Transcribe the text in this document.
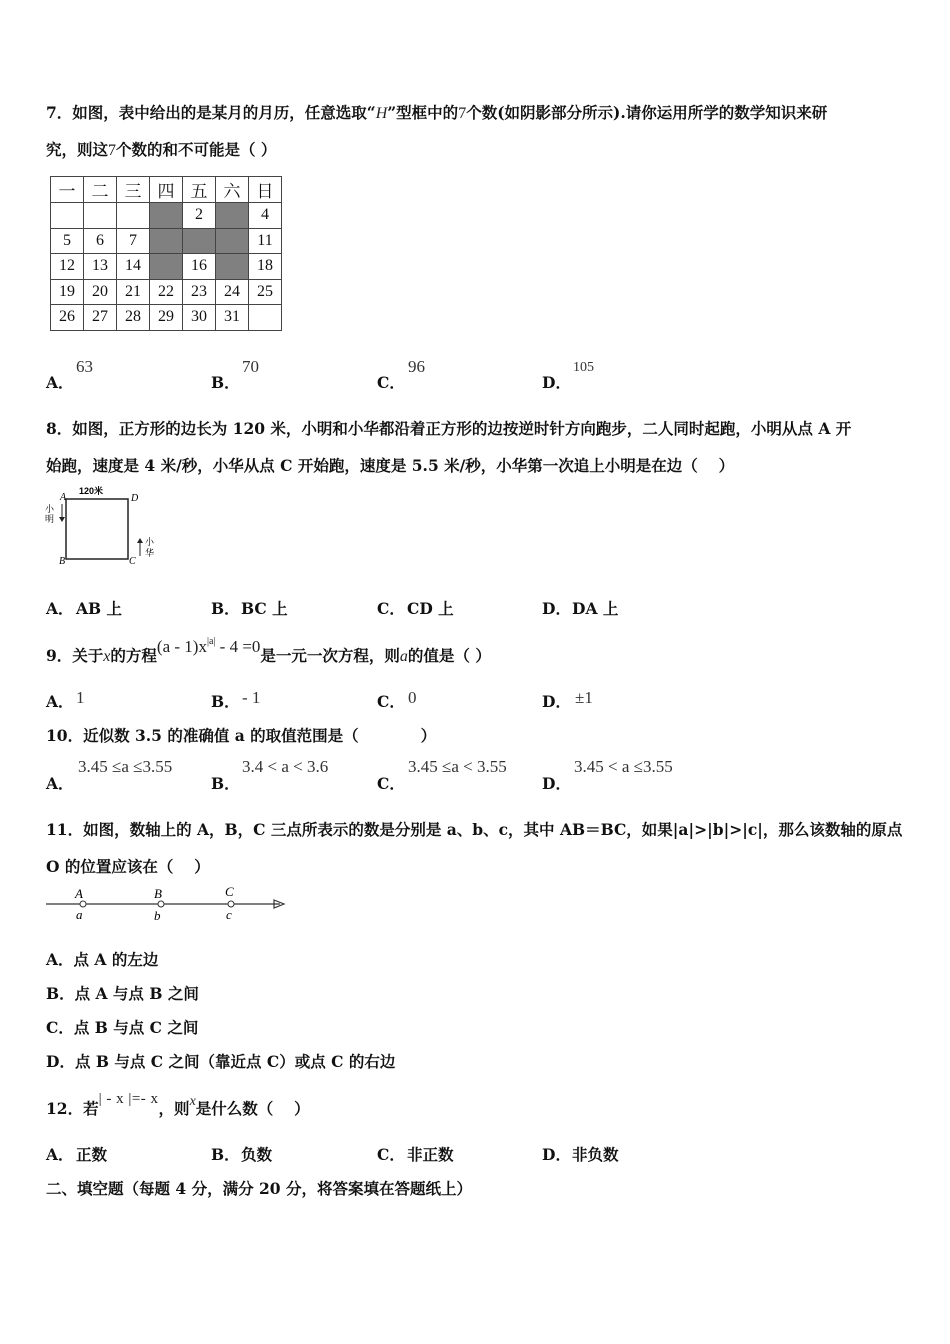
7．如图，表中给出的是某月的月历，任意选取“H”型框中的7个数(如阴影部分所示).请你运用所学的数学知识来研
究，则这7个数的和不可能是（ ）
一	二	三	四	五	六	日
				2		4
5	6	7				11
12	13	14		16		18
19	20	21	22	23	24	25
26	27	28	29	30	31	
A．
63
B．
70
C．
96
D．
105
8．如图，正方形的边长为 120 米，小明和小华都沿着正方形的边按逆时针方向跑步，二人同时起跑，小明从点 A 开
始跑，速度是 4 米/秒，小华从点 C 开始跑，速度是 5.5 米/秒，小华第一次追上小明是在边（　 ）
120米
A	D
B	C
小
明
小
华
A． AB 上	B． BC 上	C． CD 上	D． DA 上
9．关于x的方程$(a - 1)x^{|a|} - 4 =0$是一元一次方程，则a的值是（ ）
A． 1	B． - 1	C． 0	D． ±1
10．近似数 3.5 的准确值 a 的取值范围是（　　　　）
A．
3.45 ≤a ≤3.55
B．
3.4 < a < 3.6
C．
3.45 ≤a < 3.55
D．
3.45 < a ≤3.55
11．如图，数轴上的 A，B，C 三点所表示的数是分别是 a、b、c，其中 AB＝BC，如果|a|>|b|>|c|，那么该数轴的原点
O 的位置应该在（　 ）
A	B	C
a	b	c
A．点 A 的左边
B．点 A 与点 B 之间
C．点 B 与点 C 之间
D．点 B 与点 C 之间（靠近点 C）或点 C 的右边
12．若| - x |=- x，则x是什么数（　 ）
A． 正数	B． 负数	C． 非正数	D． 非负数
二、填空题（每题 4 分，满分 20 分，将答案填在答题纸上）
